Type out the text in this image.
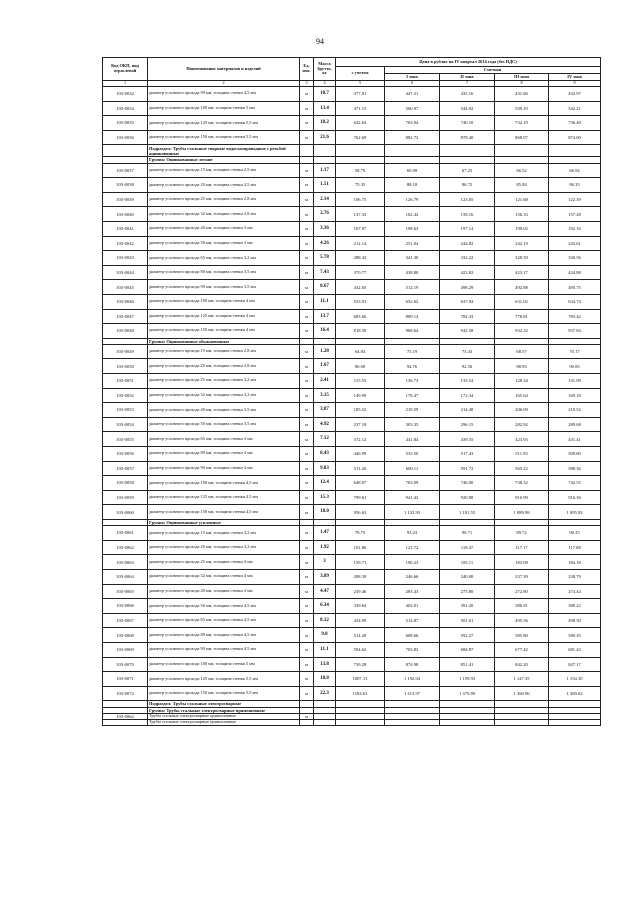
94
Код ОКП, вид отраслевой	Наименование материалов и изделий	Ед. изм.	Масса брутто, кг	Цена в рублях на IV квартал 2014 года (без НДС)				
				с учетом	Сметная			
					I зона	II зона	III зона	IV зона
1	2	3	4	5	6	7	8	9
103-0032	диаметр условного прохода 90 мм, толщина стенки 4,5 мм	м	10.7	377.81	447.21	435.16	431.66	432.97
103-0034	диаметр условного прохода 100 мм, толщина стенки 5 мм	м	13.4	471.15	560.97	544.92	539.10	542.21
103-0035	диаметр условного прохода 125 мм, толщина стенки 5,5 мм	м	18.2	642.64	763.94	740.10	732.19	736.40
103-0036	диаметр условного прохода 150 мм, толщина стенки 5,5 мм	м	21.6	762.69	882.72	878.40	868.97	874.00
	Подраздел: Трубы стальные сварные водогазопроводные с резьбой оцинкованные							
	Группа: Оцинкованные легкие							
103-0037	диаметр условного прохода 15 мм, толщина стенки 2,5 мм	м	1.17	58.79	69.09	67.25	66.52	66.92
103-0038	диаметр условного прохода 20 мм, толщина стенки 2,5 мм	м	1.51	75.35	88.18	86.72	85.84	86.35
103-0039	диаметр условного прохода 25 мм, толщина стенки 2,8 мм	м	2.14	106.75	126.79	123.05	121.68	122.39
103-0040	диаметр условного прохода 32 мм, толщина стенки 2,8 мм	м	2.76	137.33	162.42	158.16	156.33	157.28
103-0041	диаметр условного прохода 40 мм, толщина стенки 3 мм	м	3.36	167.07	198.63	197.14	190.02	192.16
103-0042	диаметр условного прохода 50 мм, толщина стенки 3 мм	м	4.26	212.14	251.04	244.82	242.19	243.61
103-0043	диаметр условного прохода 65 мм, толщина стенки 3,2 мм	м	5.78	288.43	341.30	332.22	328.59	330.56
103-0044	диаметр условного прохода 80 мм, толщина стенки 3,5 мм	м	7.43	370.77	438.80	423.82	423.17	424.88
103-0045	диаметр условного прохода 90 мм, толщина стенки 3,5 мм	м	8.67	432.65	512.19	498.29	492.88	495.75
103-0046	диаметр условного прохода 100 мм, толщина стенки 4 мм	м	11.1	553.91	652.62	637.94	631.02	634.74
103-0047	диаметр условного прохода 125 мм, толщина стенки 4 мм	м	13.7	683.66	809.14	782.33	778.81	783.42
103-0048	диаметр условного прохода 150 мм, толщина стенки 4 мм	м	16.4	818.39	968.64	942.58	932.32	937.84
	Группа: Оцинкованные обыкновенные							
103-0049	диаметр условного прохода 15 мм, толщина стенки 2,8 мм	м	1.28	64.84	75.19	73.43	68.57	70.17
103-0050	диаметр условного прохода 20 мм, толщина стенки 2,8 мм	м	1.67	80.00	94.76	92.56	88.93	90.85
103-0051	диаметр условного прохода 25 мм, толщина стенки 3,2 мм	м	2.41	115.53	136.73	133.54	128.34	131.09
103-0052	диаметр условного прохода 32 мм, толщина стенки 3,2 мм	м	3.15	149.99	178.47	172.34	165.64	169.18
103-0053	диаметр условного прохода 40 мм, толщина стенки 3,5 мм	м	3.87	185.52	219.59	214.48	206.09	210.52
103-0054	диаметр условного прохода 50 мм, толщина стенки 3,5 мм	м	4.92	237.18	303.35	296.15	282.92	289.68
103-0055	диаметр условного прохода 65 мм, толщина стенки 4 мм	м	7.12	372.12	441.84	439.55	423.93	431.41
103-0056	диаметр условного прохода 80 мм, толщина стенки 4 мм	м	8.43	446.99	533.50	517.43	511.93	509.80
103-0057	диаметр условного прохода 90 мм, толщина стенки 4 мм	м	9.83	511.26	600.11	591.72	565.22	588.36
103-0058	диаметр условного прохода 100 мм, толщина стенки 4,5 мм	м	12.4	648.07	763.09	746.00	738.32	742.55
103-0059	диаметр условного прохода 125 мм, толщина стенки 4,5 мм	м	15.3	799.61	941.42	920.98	910.99	916.36
103-0060	диаметр условного прохода 150 мм, толщина стенки 4,5 мм	м	18.0	956.63	1 132.93	1 101.55	1 089.98	1 095.92
	Группа: Оцинкованные усиленные							
103-0061	диаметр условного прохода 15 мм, толщина стенки 3,2 мм	м	1.47	78.75	93.23	90.71	89.72	90.25
103-0062	диаметр условного прохода 20 мм, толщина стенки 3,2 мм	м	1.92	101.86	121.72	118.47	117.17	117.88
103-0063	диаметр условного прохода 25 мм, толщина стенки 4 мм	м	3	159.71	190.23	185.11	183.08	184.18
103-0064	диаметр условного прохода 32 мм, толщина стенки 4 мм	м	3.89	208.39	246.66	240.00	237.39	238.79
103-0065	диаметр условного прохода 40 мм, толщина стенки 4 мм	м	4.47	239.46	283.43	275.80	272.80	274.44
103-0066	диаметр условного прохода 50 мм, толщина стенки 4,5 мм	м	6.34	339.64	402.01	391.20	386.91	389.22
103-0067	диаметр условного прохода 65 мм, толщина стенки 4,5 мм	м	8.12	434.99	514.87	501.01	495.56	498.50
103-0068	диаметр условного прохода 80 мм, толщина стенки 4,5 мм	м	9.8	514.28	608.66	592.27	585.80	589.35
103-0069	диаметр условного прохода 90 мм, толщина стенки 4,5 мм	м	11.1	594.62	703.82	684.87	677.42	681.43
103-0070	диаметр условного прохода 100 мм, толщина стенки 5 мм	м	13.8	739.28	874.98	851.41	842.20	847.17
103-0071	диаметр условного прохода 125 мм, толщина стенки 5,5 мм	м	18.8	1007.13	1 192.04	1 159.93	1 147.35	1 154.10
103-0072	диаметр условного прохода 150 мм, толщина стенки 5,5 мм	м	22.3	1194.63	1 413.97	1 375.89	1 360.96	1 369.02
	Подраздел: Трубы стальные электросварные							
	Группа: Трубы стальные электросварные прямошовные							
103-0062	Трубы стальные электросварные прямошовные	м						
	Трубы стальные электросварные прямошовные							
